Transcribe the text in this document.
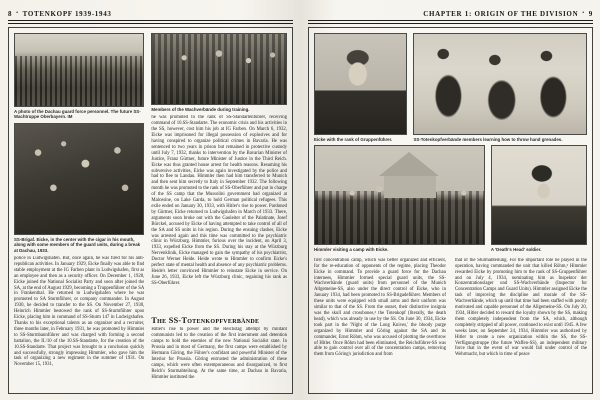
8 • TOTENKOPF 1939-1943
A photo of the Dachau guard force personnel. The future SS-Wachtruppe Oberbayern. IM
SS-Brigaf. Eicke, in the center with the cigar in his mouth, along with some members of the guard units, during a break at Dachau, 1933.
police in Ludwigshafen. But, once again, he was fired for his anti-republican activities. In January 1929, Eicke finally was able to find stable employment at the IG Farben plant in Ludwigshafen, first as an employee and then as a security officer. On December 1, 1928, Eicke joined the National Socialist Party and soon after joined the SA, at the end of August 1929, becoming a Truppenführer of the SA in Frankenthal. He returned to Ludwigshafen where he was promoted to SA Sturmführer, or company commander. In August 1930, he decided to transfer to the SS. On November 27, 1930, Heinrich Himmler bestowed the rank of SS-Sturmführer upon Eicke, placing him in command of SS-Sturm 147 in Ludwigshafen. Thanks to his exceptional talents as an organizer and a recruiter, three months later, in February 1931, he was promoted by Himmler to SS-Sturmbannführer and was charged with forming a second battalion, the II./10 of the 10.SS-Standarte, for the creation of the 10.SS-Standarte. That project was brought to a conclusion quickly and successfully, strongly impressing Himmler, who gave him the task of organizing a new regiment in the summer of 1931. On November 15, 1931,
Members of the Wachverbände during training.
he was promoted to the rank of SS-Standartenführer, receiving command of 10.SS-Standarte. The economic crisis and his activities in the SS, however, cost him his job at IG Farben. On March 6, 1932, Eicke was imprisoned for illegal possession of explosives and for having conspired to organize political crimes in Bavaria. He was sentenced to two years in prison but remained in protective custody until July 7, 1932, thanks to intervention by the Bavarian Minister of Justice, Franz Gürtner, future Minister of Justice in the Third Reich. Eicke was thus granted house arrest for health reasons. Resuming his subversive activities, Eicke was again investigated by the police and had to flee to Landau. Himmler then had him transferred to Munich and then sent him secretly to Italy in September 1932. The following month he was promoted to the rank of SS-Oberführer and put in charge of the SS camp that the Mussolini government had organized at Malcesine, on Lake Garda, to hold German political refugees. This exile ended on January 30, 1933, with Hitler's rise to power. Pardoned by Gürtner, Eicke returned to Ludwigshafen in March of 1933. There, arguments soon broke out with the Gauleiter of the Palatinate, Josef Bürckel, accused by Eicke of having attempted to take control of all of the SA and SS units in his region. During the ensuing clashes, Eicke was arrested again and this time was committed to the psychiatric clinic in Würzburg. Himmler, furious over the incident, on April 3, 1933, expelled Eicke from the SS. During his stay at the Würzburg Nervenklinik, Eicke managed to gain the sympathy of his psychiatrist, Doctor Werner Heide. Heide wrote to Himmler to confirm Eicke's perfect state of mental health and absence of any psychiatric problems. Heide's letter convinced Himmler to reinstate Eicke in service. On June 26, 1933, Eicke left the Würzburg clinic, regaining his rank as SS-Oberführer.
The SS-Totenkopfverbände
Hitler's rise to power and the Reichstag attempt by militant communists led to the creation of the first internment and detention camps to hold the enemies of the new National Socialist state. In Prussia and in most of Germany, the first camps were established by Hermann Göring, the Führer's confidant and powerful Minister of the Interior for Prussia. Göring entrusted the administration of these camps, which were often extemporaneous and disorganized, to first Reich's Sturmabteilung. At the same time, at Dachau in Bavaria, Himmler instituted the
CHAPTER 1: ORIGIN OF THE DIVISION • 9
Eicke with the rank of Gruppenführer.	SS-Totenkopfverbände members learning how to throw hand grenades.
Himmler visiting a camp with Eicke.	A 'Death's Head' soldier.
first concentration camp, which was better organized and efficient, for the re-education of opponents of the regime, placing Theodor Eicke in command. To provide a guard force for the Dachau internees, Himmler formed special guard units, the SS-Wachverbände (guard units) from personnel of the Munich Allgemeine-SS, also under the direct control of Eicke, who in January 1934, had been promoted to SS-Brigadeführer. Members of these units were equipped with small arms and their uniform was similar to that of the SS. From the outset, their distinctive insignia was the skull and crossbones,² the Totenkopf (literally, the death head), which was already in use by the SS. On June 30, 1934, Eicke took part in the 'Night of the Long Knives,' the bloody purge organized by Himmler and Göring against the SA and its commander, Ernst Röhm, who was accused of plotting the overthrow of Hitler. Once Röhm had been eliminated, the Reichsführer-SS was able to gain control over all of the concentration camps, removing them from Göring's jurisdiction and from
that of the Sturmabteilung. For the important role he played in the operation, having commanded the unit that killed Röhm,³ Himmler rewarded Eicke by promoting him to the rank of SS-Gruppenführer and on July 4, 1934, nominating him as Inspektor der Konzentrationslager und SS-Wachverbände (Inspector for Concentration Camps and Guard Units). Himmler assigned Eicke the task of improving the discipline and morale of the SS-Wachverbände, which up until that time had been staffed with poorly motivated and capable personnel of the Allgemeine-SS. On July 20, 1934, Hitler decided to reward the loyalty shown by the SS, making them completely independent from the SA, which, although completely stripped of all power, continued to exist until 1945. A few weeks later, on September 24, 1934, Himmler was authorized by Hitler to create a new organization within the SS, the SS-Verfügungstruppe (the future Waffen-SS), an independent military force that in the event of war would fall under control of the Wehrmacht, but which in time of peace
